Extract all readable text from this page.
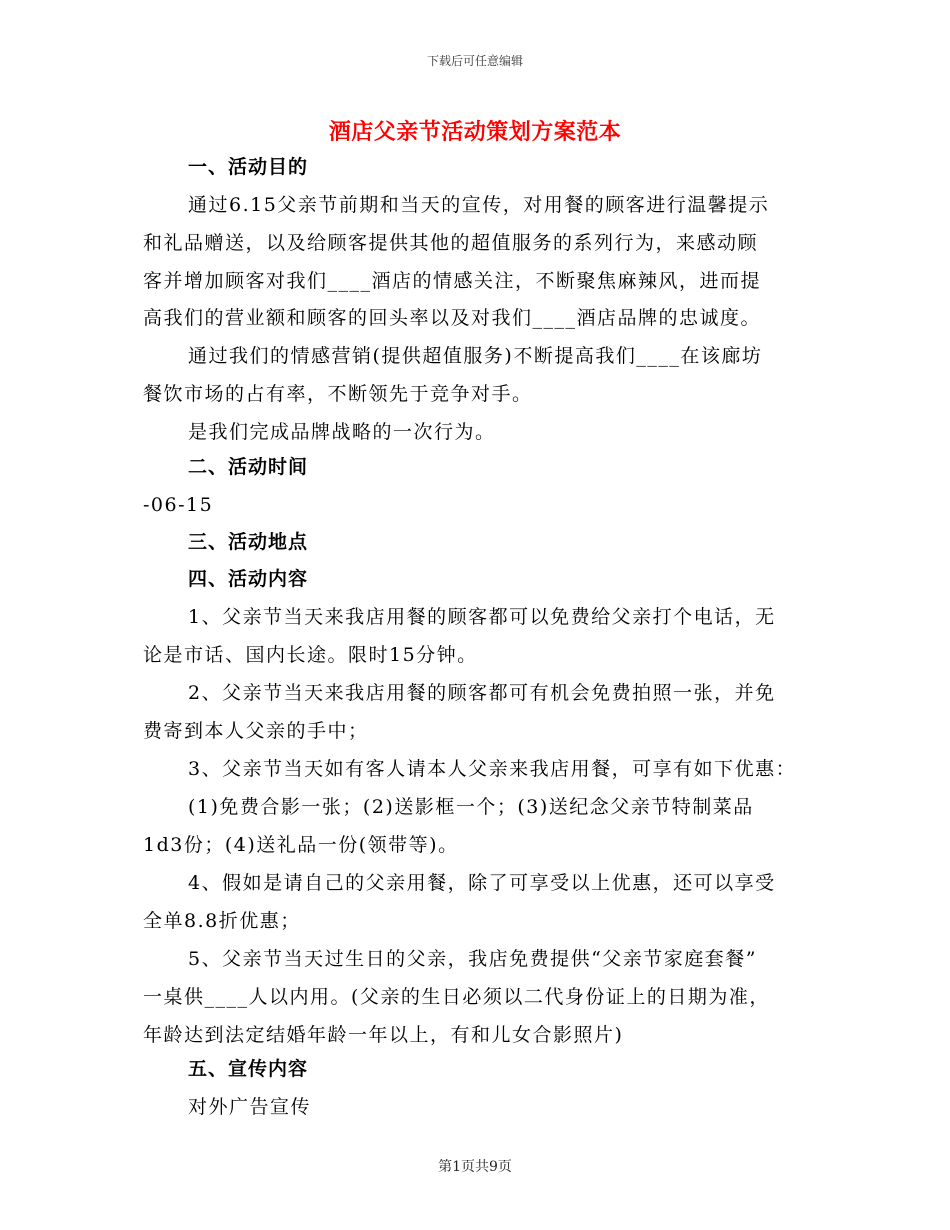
下载后可任意编辑
酒店父亲节活动策划方案范本
一、活动目的
通过6.15父亲节前期和当天的宣传，对用餐的顾客进行温馨提示
和礼品赠送，以及给顾客提供其他的超值服务的系列行为，来感动顾
客并增加顾客对我们____酒店的情感关注，不断聚焦麻辣风，进而提
高我们的营业额和顾客的回头率以及对我们____酒店品牌的忠诚度。
通过我们的情感营销(提供超值服务)不断提高我们____在该廊坊
餐饮市场的占有率，不断领先于竞争对手。
是我们完成品牌战略的一次行为。
二、活动时间
-06-15
三、活动地点
四、活动内容
1、父亲节当天来我店用餐的顾客都可以免费给父亲打个电话，无
论是市话、国内长途。限时15分钟。
2、父亲节当天来我店用餐的顾客都可有机会免费拍照一张，并免
费寄到本人父亲的手中；
3、父亲节当天如有客人请本人父亲来我店用餐，可享有如下优惠：
(1)免费合影一张；(2)送影框一个；(3)送纪念父亲节特制菜品
1d3份；(4)送礼品一份(领带等)。
4、假如是请自己的父亲用餐，除了可享受以上优惠，还可以享受
全单8.8折优惠；
5、父亲节当天过生日的父亲，我店免费提供“父亲节家庭套餐”
一桌供____人以内用。(父亲的生日必须以二代身份证上的日期为准，
年龄达到法定结婚年龄一年以上，有和儿女合影照片)
五、宣传内容
对外广告宣传
第1页共9页
